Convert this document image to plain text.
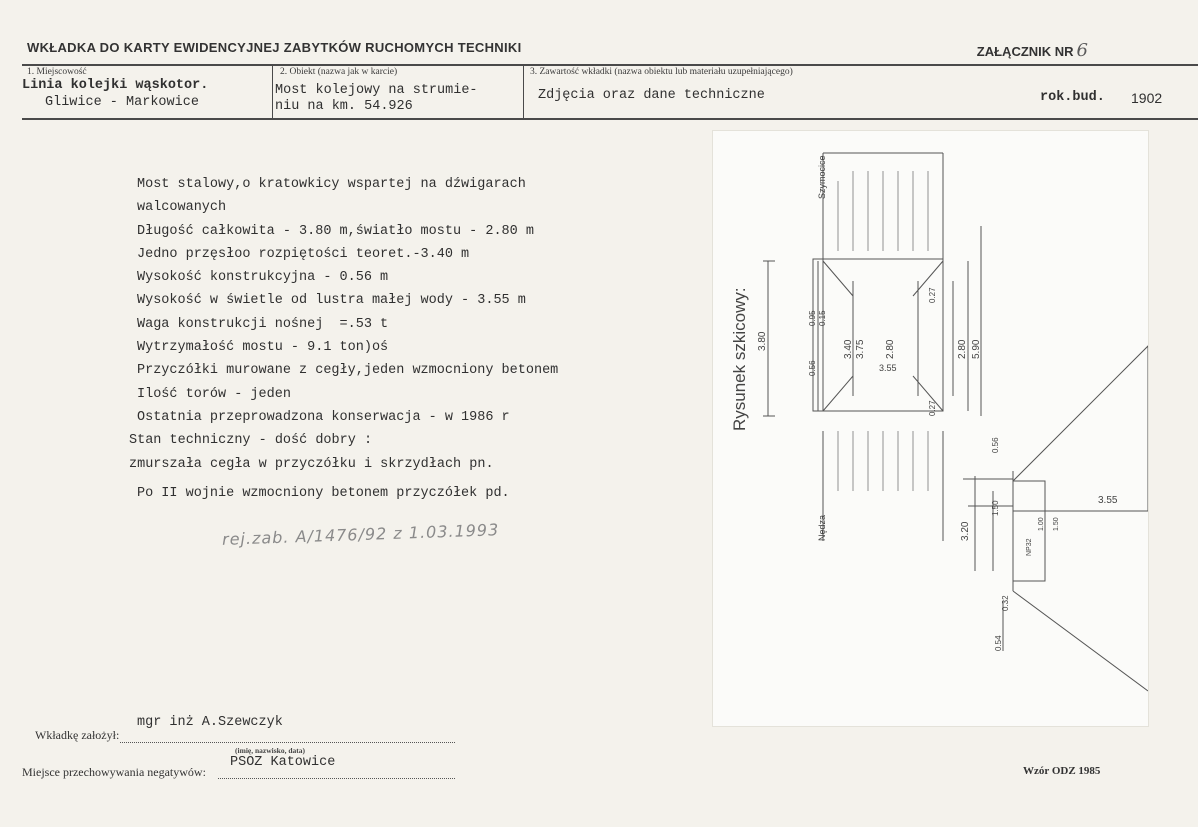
WKŁADKA DO KARTY EWIDENCYJNEJ ZABYTKÓW RUCHOMYCH TECHNIKI	ZAŁĄCZNIK NR 6
1. Miejscowość
Linia kolejki wąskotor.
Gliwice - Markowice
2. Obiekt (nazwa jak w karcie)
Most kolejowy na strumie-
niu na km. 54.926
3. Zawartość wkładki (nazwa obiektu lub materiału uzupełniającego)
Zdjęcia oraz dane techniczne	rok.bud. 1902
Most stalowy,o kratowkicy wspartej na dźwigarach
walcowanych
Długość całkowita - 3.80 m,światło mostu - 2.80 m
Jedno przęsłoo rozpiętości teoret.-3.40 m
Wysokość konstrukcyjna - 0.56 m
Wysokość w świetle od lustra małej wody - 3.55 m
Waga konstrukcji nośnej  =.53 t
Wytrzymałość mostu - 9.1 ton)oś
Przyczółki murowane z cegły,jeden wzmocniony betonem
Ilość torów - jeden
Ostatnia przeprowadzona konserwacja - w 1986 r
Stan techniczny - dość dobry :
zmurszała cegła w przyczółku i skrzydłach pn.
Po II wojnie wzmocniony betonem przyczółek pd.
rej.zab. A/1476/92 z 1.03.1993
Rysunek szkicowy:
Szymocice
Nędza
3.80
0.95 0.15
0.56
3.40 3.75 2.80
3.55
0.27
0.27
2.80 5.90
0.56
1.50
3.20	1.00 1.50
NP32
0.32
0.54
3.55
Wkładkę założył:
mgr inż A.Szewczyk
(imię, nazwisko, data)
Miejsce przechowywania negatywów:
PSOZ Katowice
Wzór ODZ 1985
